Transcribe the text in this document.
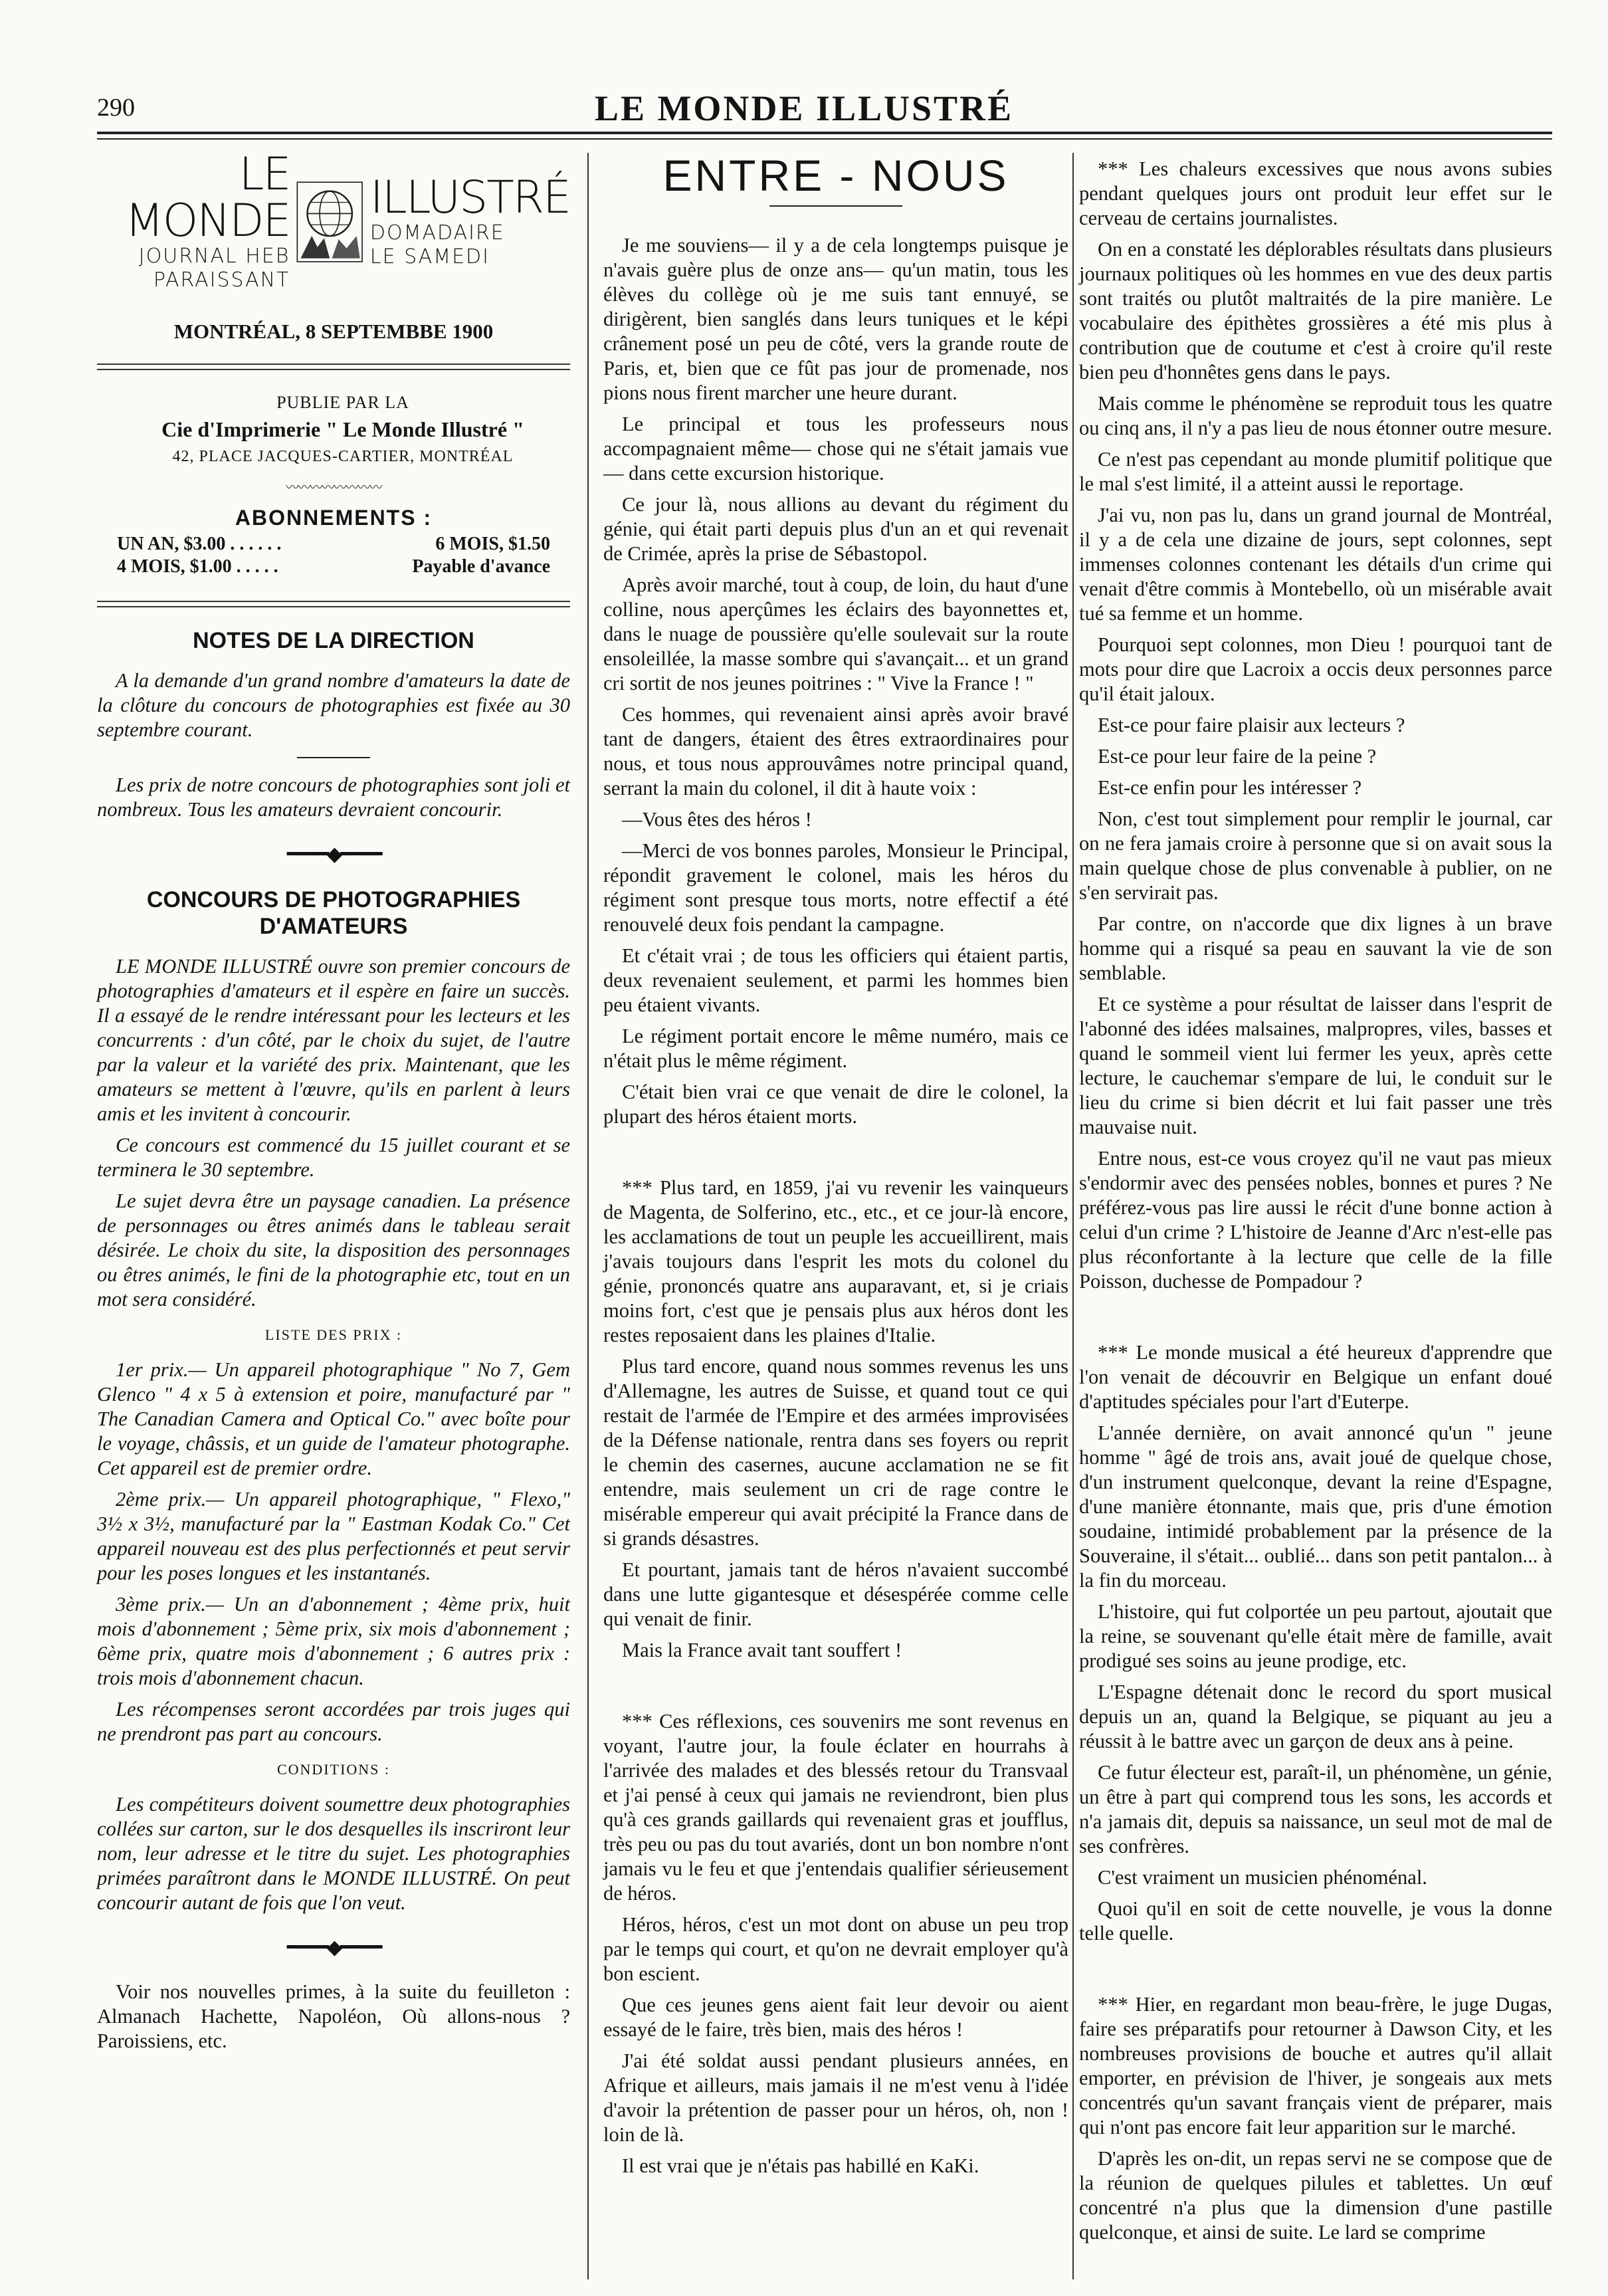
290	LE MONDE ILLUSTRÉ
LE MONDE
JOURNAL HEB
PARAISSANT
ILLUSTRÉ
DOMADAIRE
LE SAMEDI
MONTRÉAL, 8 SEPTEMBBE 1900

PUBLIE PAR LA

Cie d'Imprimerie " Le Monde Illustré "

42, PLACE JACQUES-CARTIER, MONTRÉAL

〰〰〰〰〰〰〰〰
ABONNEMENTS :
UN AN, $3.00 . . . . . .	6 MOIS, $1.50
4 MOIS, $1.00 . . . . .	Payable d'avance
NOTES DE LA DIRECTION

A la demande d'un grand nombre d'amateurs la date de la clôture du concours de photographies est fixée au 30 septembre courant.

Les prix de notre concours de photographies sont joli et nombreux. Tous les amateurs devraient concourir.

━━━━◆━━━━
CONCOURS DE PHOTOGRAPHIES D'AMATEURS

LE MONDE ILLUSTRÉ ouvre son premier concours de photographies d'amateurs et il espère en faire un succès. Il a essayé de le rendre intéressant pour les lecteurs et les concurrents : d'un côté, par le choix du sujet, de l'autre par la valeur et la variété des prix. Maintenant, que les amateurs se mettent à l'œuvre, qu'ils en parlent à leurs amis et les invitent à concourir.

Ce concours est commencé du 15 juillet courant et se terminera le 30 septembre.

Le sujet devra être un paysage canadien. La présence de personnages ou êtres animés dans le tableau serait désirée. Le choix du site, la disposition des personnages ou êtres animés, le fini de la photographie etc, tout en un mot sera considéré.

LISTE DES PRIX :

1er prix.— Un appareil photographique " No 7, Gem Glenco " 4 x 5 à extension et poire, manufacturé par " The Canadian Camera and Optical Co." avec boîte pour le voyage, châssis, et un guide de l'amateur photographe. Cet appareil est de premier ordre.

2ème prix.— Un appareil photographique, " Flexo," 3½ x 3½, manufacturé par la " Eastman Kodak Co." Cet appareil nouveau est des plus perfectionnés et peut servir pour les poses longues et les instantanés.

3ème prix.— Un an d'abonnement ; 4ème prix, huit mois d'abonnement ; 5ème prix, six mois d'abonnement ; 6ème prix, quatre mois d'abonnement ; 6 autres prix : trois mois d'abonnement chacun.

Les récompenses seront accordées par trois juges qui ne prendront pas part au concours.

CONDITIONS :

Les compétiteurs doivent soumettre deux photographies collées sur carton, sur le dos desquelles ils inscriront leur nom, leur adresse et le titre du sujet. Les photographies primées paraîtront dans le MONDE ILLUSTRÉ. On peut concourir autant de fois que l'on veut.

━━━━◆━━━━

Voir nos nouvelles primes, à la suite du feuilleton : Almanach Hachette, Napoléon, Où allons-nous ? Paroissiens, etc.

ENTRE - NOUS

Je me souviens— il y a de cela longtemps puisque je n'avais guère plus de onze ans— qu'un matin, tous les élèves du collège où je me suis tant ennuyé, se dirigèrent, bien sanglés dans leurs tuniques et le képi crânement posé un peu de côté, vers la grande route de Paris, et, bien que ce fût pas jour de promenade, nos pions nous firent marcher une heure durant.

Le principal et tous les professeurs nous accompagnaient même— chose qui ne s'était jamais vue— dans cette excursion historique.

Ce jour là, nous allions au devant du régiment du génie, qui était parti depuis plus d'un an et qui revenait de Crimée, après la prise de Sébastopol.

Après avoir marché, tout à coup, de loin, du haut d'une colline, nous aperçûmes les éclairs des bayonnettes et, dans le nuage de poussière qu'elle soulevait sur la route ensoleillée, la masse sombre qui s'avançait... et un grand cri sortit de nos jeunes poitrines : " Vive la France ! "

Ces hommes, qui revenaient ainsi après avoir bravé tant de dangers, étaient des êtres extraordinaires pour nous, et tous nous approuvâmes notre principal quand, serrant la main du colonel, il dit à haute voix :

—Vous êtes des héros !

—Merci de vos bonnes paroles, Monsieur le Principal, répondit gravement le colonel, mais les héros du régiment sont presque tous morts, notre effectif a été renouvelé deux fois pendant la campagne.

Et c'était vrai ; de tous les officiers qui étaient partis, deux revenaient seulement, et parmi les hommes bien peu étaient vivants.

Le régiment portait encore le même numéro, mais ce n'était plus le même régiment.

C'était bien vrai ce que venait de dire le colonel, la plupart des héros étaient morts.

*** Plus tard, en 1859, j'ai vu revenir les vainqueurs de Magenta, de Solferino, etc., etc., et ce jour-là encore, les acclamations de tout un peuple les accueillirent, mais j'avais toujours dans l'esprit les mots du colonel du génie, prononcés quatre ans auparavant, et, si je criais moins fort, c'est que je pensais plus aux héros dont les restes reposaient dans les plaines d'Italie.

Plus tard encore, quand nous sommes revenus les uns d'Allemagne, les autres de Suisse, et quand tout ce qui restait de l'armée de l'Empire et des armées improvisées de la Défense nationale, rentra dans ses foyers ou reprit le chemin des casernes, aucune acclamation ne se fit entendre, mais seulement un cri de rage contre le misérable empereur qui avait précipité la France dans de si grands désastres.

Et pourtant, jamais tant de héros n'avaient succombé dans une lutte gigantesque et désespérée comme celle qui venait de finir.

Mais la France avait tant souffert !

*** Ces réflexions, ces souvenirs me sont revenus en voyant, l'autre jour, la foule éclater en hourrahs à l'arrivée des malades et des blessés retour du Transvaal et j'ai pensé à ceux qui jamais ne reviendront, bien plus qu'à ces grands gaillards qui revenaient gras et joufflus, très peu ou pas du tout avariés, dont un bon nombre n'ont jamais vu le feu et que j'entendais qualifier sérieusement de héros.

Héros, héros, c'est un mot dont on abuse un peu trop par le temps qui court, et qu'on ne devrait employer qu'à bon escient.

Que ces jeunes gens aient fait leur devoir ou aient essayé de le faire, très bien, mais des héros !

J'ai été soldat aussi pendant plusieurs années, en Afrique et ailleurs, mais jamais il ne m'est venu à l'idée d'avoir la prétention de passer pour un héros, oh, non ! loin de là.

Il est vrai que je n'étais pas habillé en KaKi.

*** Les chaleurs excessives que nous avons subies pendant quelques jours ont produit leur effet sur le cerveau de certains journalistes.

On en a constaté les déplorables résultats dans plusieurs journaux politiques où les hommes en vue des deux partis sont traités ou plutôt maltraités de la pire manière. Le vocabulaire des épithètes grossières a été mis plus à contribution que de coutume et c'est à croire qu'il reste bien peu d'honnêtes gens dans le pays.

Mais comme le phénomène se reproduit tous les quatre ou cinq ans, il n'y a pas lieu de nous étonner outre mesure.

Ce n'est pas cependant au monde plumitif politique que le mal s'est limité, il a atteint aussi le reportage.

J'ai vu, non pas lu, dans un grand journal de Montréal, il y a de cela une dizaine de jours, sept colonnes, sept immenses colonnes contenant les détails d'un crime qui venait d'être commis à Montebello, où un misérable avait tué sa femme et un homme.

Pourquoi sept colonnes, mon Dieu ! pourquoi tant de mots pour dire que Lacroix a occis deux personnes parce qu'il était jaloux.

Est-ce pour faire plaisir aux lecteurs ?

Est-ce pour leur faire de la peine ?

Est-ce enfin pour les intéresser ?

Non, c'est tout simplement pour remplir le journal, car on ne fera jamais croire à personne que si on avait sous la main quelque chose de plus convenable à publier, on ne s'en servirait pas.

Par contre, on n'accorde que dix lignes à un brave homme qui a risqué sa peau en sauvant la vie de son semblable.

Et ce système a pour résultat de laisser dans l'esprit de l'abonné des idées malsaines, malpropres, viles, basses et quand le sommeil vient lui fermer les yeux, après cette lecture, le cauchemar s'empare de lui, le conduit sur le lieu du crime si bien décrit et lui fait passer une très mauvaise nuit.

Entre nous, est-ce vous croyez qu'il ne vaut pas mieux s'endormir avec des pensées nobles, bonnes et pures ? Ne préférez-vous pas lire aussi le récit d'une bonne action à celui d'un crime ? L'histoire de Jeanne d'Arc n'est-elle pas plus réconfortante à la lecture que celle de la fille Poisson, duchesse de Pompadour ?

*** Le monde musical a été heureux d'apprendre que l'on venait de découvrir en Belgique un enfant doué d'aptitudes spéciales pour l'art d'Euterpe.

L'année dernière, on avait annoncé qu'un " jeune homme " âgé de trois ans, avait joué de quelque chose, d'un instrument quelconque, devant la reine d'Espagne, d'une manière étonnante, mais que, pris d'une émotion soudaine, intimidé probablement par la présence de la Souveraine, il s'était... oublié... dans son petit pantalon... à la fin du morceau.

L'histoire, qui fut colportée un peu partout, ajoutait que la reine, se souvenant qu'elle était mère de famille, avait prodigué ses soins au jeune prodige, etc.

L'Espagne détenait donc le record du sport musical depuis un an, quand la Belgique, se piquant au jeu a réussit à le battre avec un garçon de deux ans à peine.

Ce futur électeur est, paraît-il, un phénomène, un génie, un être à part qui comprend tous les sons, les accords et n'a jamais dit, depuis sa naissance, un seul mot de mal de ses confrères.

C'est vraiment un musicien phénoménal.

Quoi qu'il en soit de cette nouvelle, je vous la donne telle quelle.

*** Hier, en regardant mon beau-frère, le juge Dugas, faire ses préparatifs pour retourner à Dawson City, et les nombreuses provisions de bouche et autres qu'il allait emporter, en prévision de l'hiver, je songeais aux mets concentrés qu'un savant français vient de préparer, mais qui n'ont pas encore fait leur apparition sur le marché.

D'après les on-dit, un repas servi ne se compose que de la réunion de quelques pilules et tablettes. Un œuf concentré n'a plus que la dimension d'une pastille quelconque, et ainsi de suite. Le lard se comprime
